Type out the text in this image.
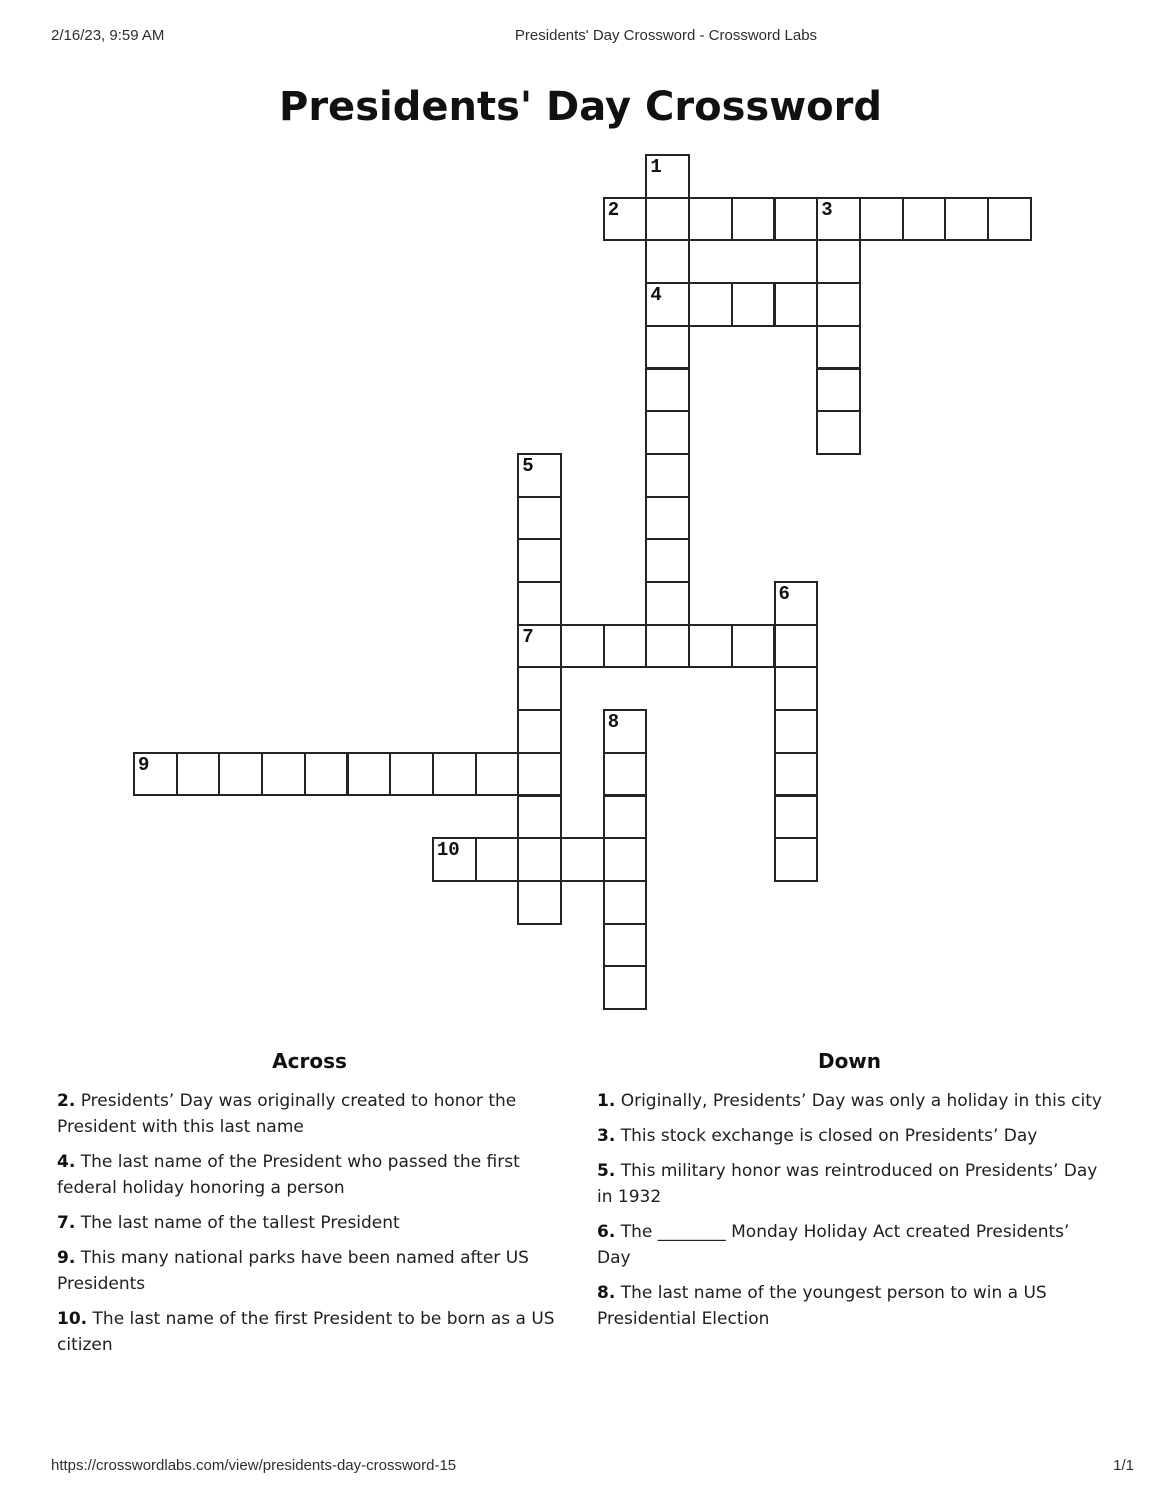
2/16/23, 9:59 AM	Presidents' Day Crossword - Crossword Labs
Presidents' Day Crossword
1
2	3
4
5
6
7
8
9
10
Across

2. Presidents’ Day was originally created to honor the President with this last name

4. The last name of the President who passed the first federal holiday honoring a person

7. The last name of the tallest President

9. This many national parks have been named after US Presidents

10. The last name of the first President to be born as a US citizen

Down

1. Originally, Presidents’ Day was only a holiday in this city

3. This stock exchange is closed on Presidents’ Day

5. This military honor was reintroduced on Presidents’ Day in 1932

6. The ________ Monday Holiday Act created Presidents’ Day

8. The last name of the youngest person to win a US Presidential Election

https://crosswordlabs.com/view/presidents-day-crossword-15	1/1
